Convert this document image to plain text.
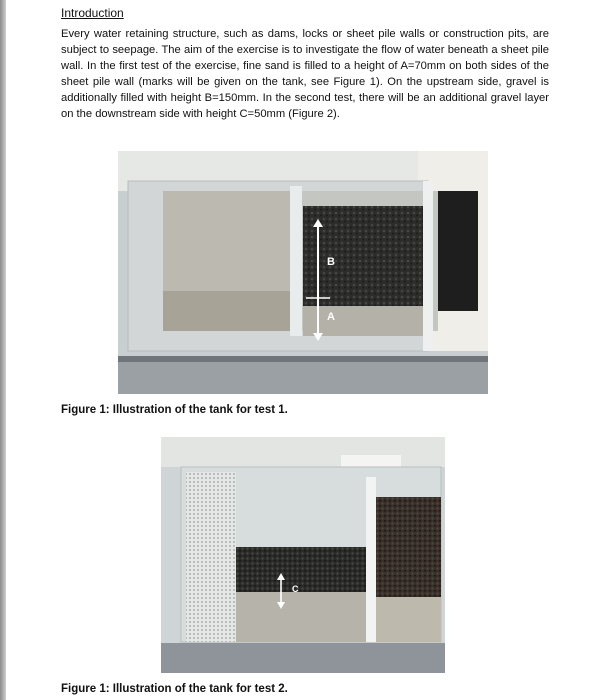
Introduction

Every water retaining structure, such as dams, locks or sheet pile walls or construction pits, are subject to seepage. The aim of the exercise is to investigate the flow of water beneath a sheet pile wall. In the first test of the exercise, fine sand is filled to a height of A=70mm on both sides of the sheet pile wall (marks will be given on the tank, see Figure 1). On the upstream side, gravel is additionally filled with height B=150mm. In the second test, there will be an additional gravel layer on the downstream side with height C=50mm (Figure 2).

B
A
Figure 1: Illustration of the tank for test 1.
C
Figure 1: Illustration of the tank for test 2.
